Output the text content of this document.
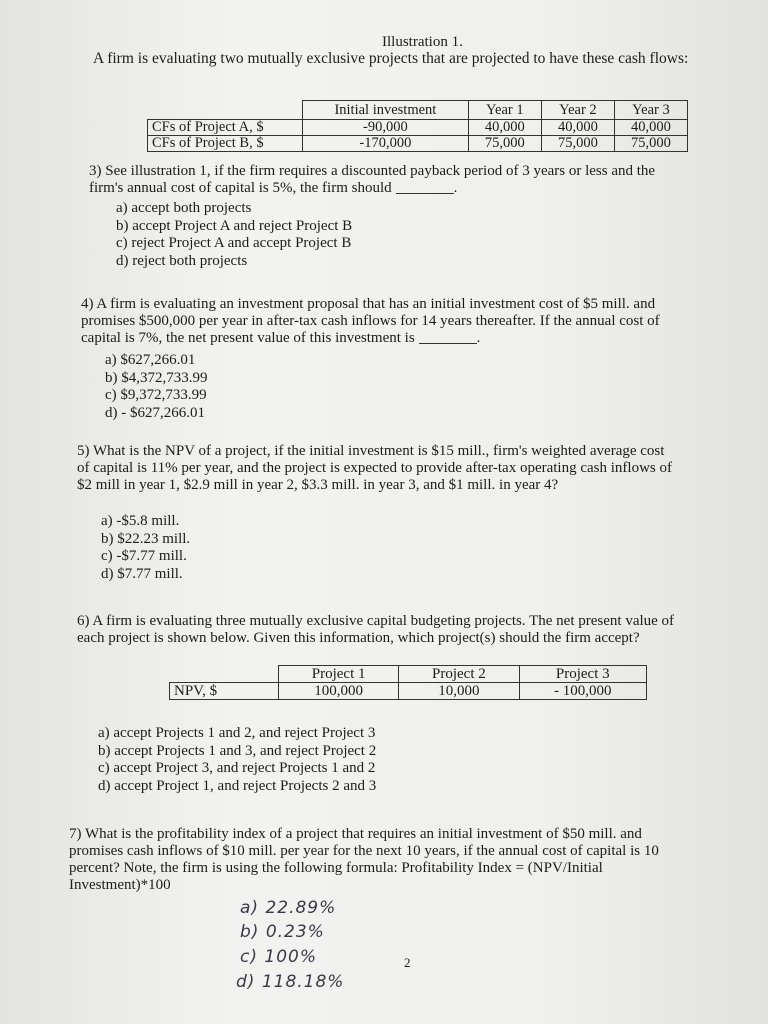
Illustration 1.
A firm is evaluating two mutually exclusive projects that are projected to have these cash flows:
	Initial investment	Year 1	Year 2	Year 3
CFs of Project A, $	-90,000	40,000	40,000	40,000
CFs of Project B, $	-170,000	75,000	75,000	75,000
3) See illustration 1, if the firm requires a discounted payback period of 3 years or less and the
firm's annual cost of capital is 5%, the firm should	.
a) accept both projects
b) accept Project A and reject Project B
c) reject Project A and accept Project B
d) reject both projects
4) A firm is evaluating an investment proposal that has an initial investment cost of $5 mill. and
promises $500,000 per year in after-tax cash inflows for 14 years thereafter. If the annual cost of
capital is 7%, the net present value of this investment is	.
a) $627,266.01
b) $4,372,733.99
c) $9,372,733.99
d) - $627,266.01
5) What is the NPV of a project, if the initial investment is $15 mill., firm's weighted average cost
of capital is 11% per year, and the project is expected to provide after-tax operating cash inflows of
$2 mill in year 1, $2.9 mill in year 2, $3.3 mill. in year 3, and $1 mill. in year 4?
a) -$5.8 mill.
b) $22.23 mill.
c) -$7.77 mill.
d) $7.77 mill.
6) A firm is evaluating three mutually exclusive capital budgeting projects. The net present value of
each project is shown below. Given this information, which project(s) should the firm accept?
	Project 1	Project 2	Project 3
NPV, $	100,000	10,000	- 100,000
a) accept Projects 1 and 2, and reject Project 3
b) accept Projects 1 and 3, and reject Project 2
c) accept Project 3, and reject Projects 1 and 2
d) accept Project 1, and reject Projects 2 and 3
7) What is the profitability index of a project that requires an initial investment of $50 mill. and
promises cash inflows of $10 mill. per year for the next 10 years, if the annual cost of capital is 10
percent? Note, the firm is using the following formula: Profitability Index = (NPV/Initial
Investment)*100
a) 22.89%
b) 0.23%
c) 100%
d) 118.18%
2
